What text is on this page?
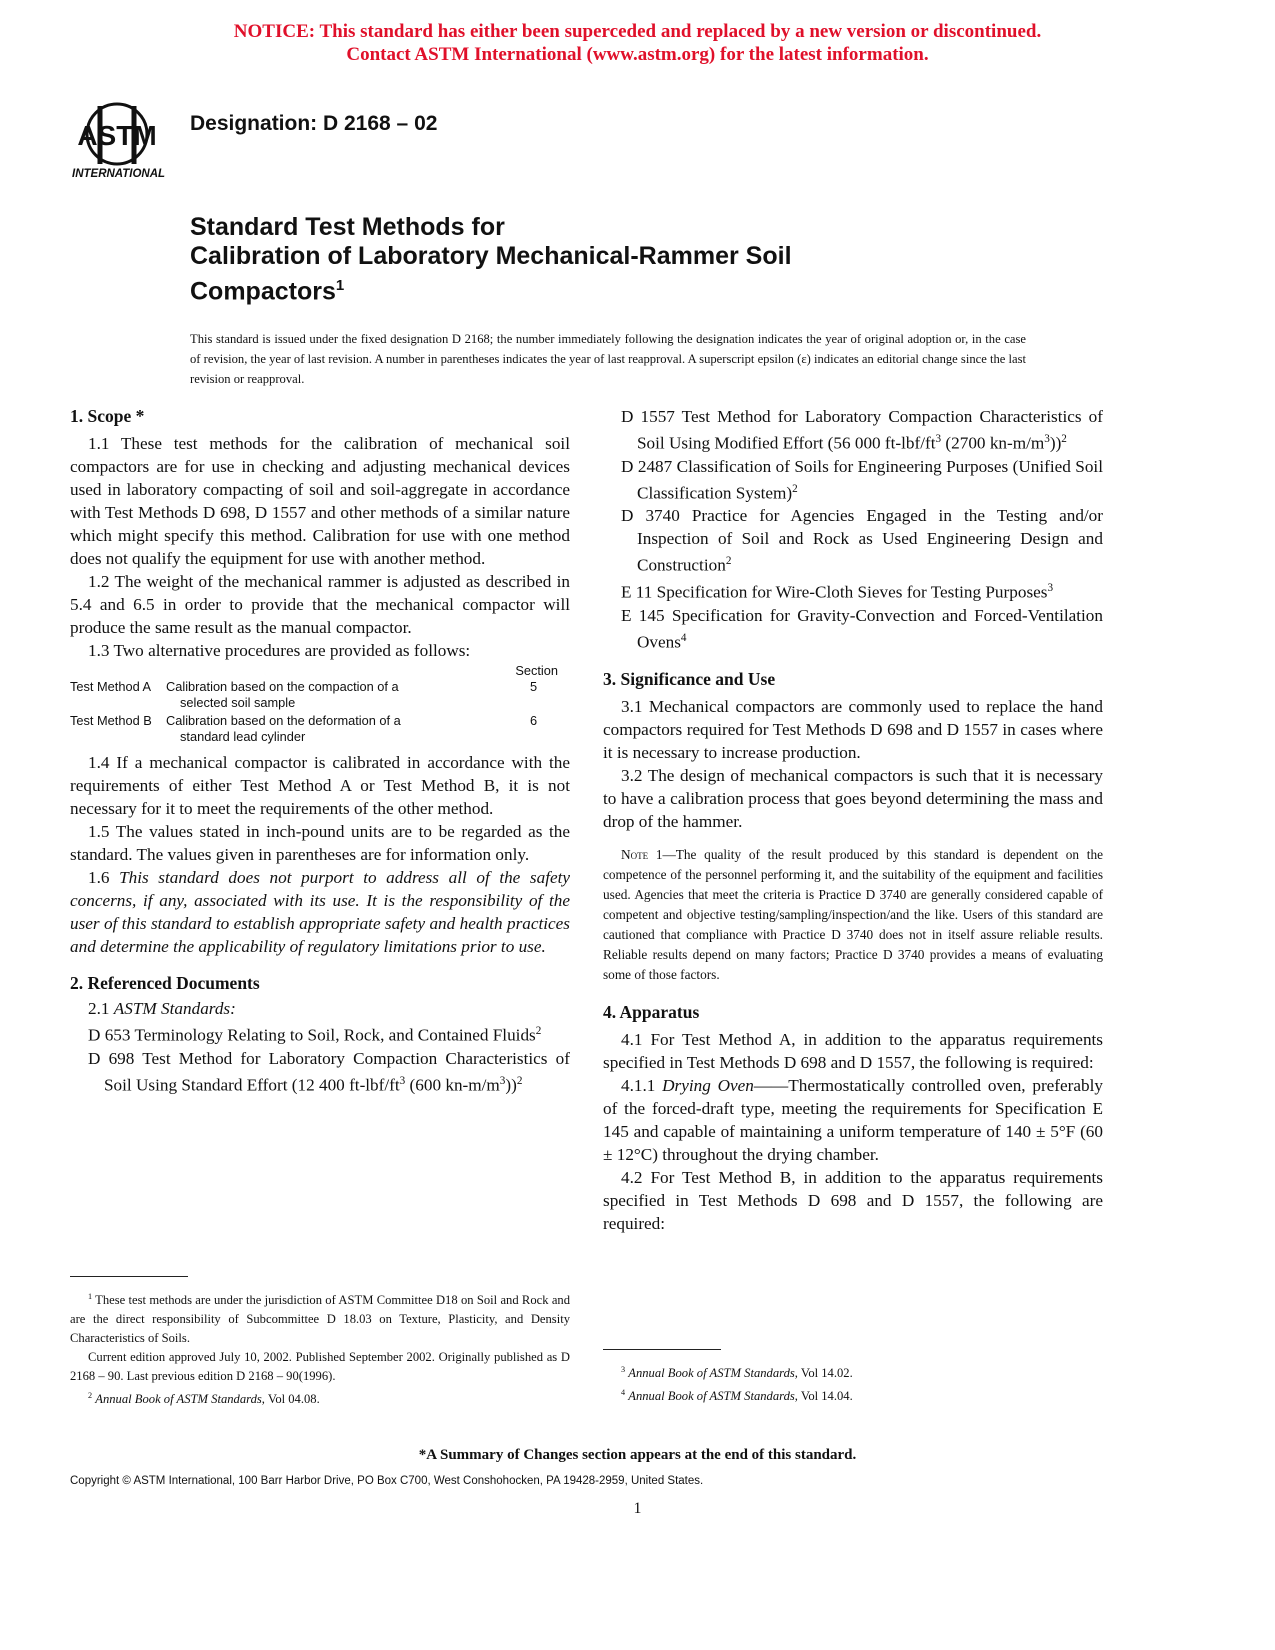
NOTICE: This standard has either been superceded and replaced by a new version or discontinued.
Contact ASTM International (www.astm.org) for the latest information.
ASTM
INTERNATIONAL
Designation: D 2168 – 02
Standard Test Methods for
Calibration of Laboratory Mechanical-Rammer Soil
Compactors$^1$
This standard is issued under the fixed designation D 2168; the number immediately following the designation indicates the year of original adoption or, in the case of revision, the year of last revision. A number in parentheses indicates the year of last reapproval. A superscript epsilon (ε) indicates an editorial change since the last revision or reapproval.
1. Scope *

1.1 These test methods for the calibration of mechanical soil compactors are for use in checking and adjusting mechanical devices used in laboratory compacting of soil and soil-aggregate in accordance with Test Methods D 698, D 1557 and other methods of a similar nature which might specify this method. Calibration for use with one method does not qualify the equipment for use with another method.

1.2 The weight of the mechanical rammer is adjusted as described in 5.4 and 6.5 in order to provide that the mechanical compactor will produce the same result as the manual compactor.

1.3 Two alternative procedures are provided as follows:

Section
Test Method A Calibration based on the compaction of a
selected soil sample
5
Test Method B Calibration based on the deformation of a
standard lead cylinder
6

1.4 If a mechanical compactor is calibrated in accordance with the requirements of either Test Method A or Test Method B, it is not necessary for it to meet the requirements of the other method.

1.5 The values stated in inch-pound units are to be regarded as the standard. The values given in parentheses are for information only.

1.6 This standard does not purport to address all of the safety concerns, if any, associated with its use. It is the responsibility of the user of this standard to establish appropriate safety and health practices and determine the applicability of regulatory limitations prior to use.

2. Referenced Documents

2.1 ASTM Standards:

D 653 Terminology Relating to Soil, Rock, and Contained Fluids$^2$

D 698 Test Method for Laboratory Compaction Characteristics of Soil Using Standard Effort (12 400 $ft-lbf/ft^3$ (600 $kn-m/m^3))^2$

$^1$ These test methods are under the jurisdiction of ASTM Committee D18 on Soil and Rock and are the direct responsibility of Subcommittee D 18.03 on Texture, Plasticity, and Density Characteristics of Soils.

Current edition approved July 10, 2002. Published September 2002. Originally published as D 2168 – 90. Last previous edition D 2168 – 90(1996).

$^2$ Annual Book of ASTM Standards, Vol 04.08.

D 1557 Test Method for Laboratory Compaction Characteristics of Soil Using Modified Effort (56 000 $ft-lbf/ft^3$ (2700 $kn-m/m^3))^2$

D 2487 Classification of Soils for Engineering Purposes (Unified Soil Classification System)$^2$

D 3740 Practice for Agencies Engaged in the Testing and/or Inspection of Soil and Rock as Used Engineering Design and Construction$^2$

E 11 Specification for Wire-Cloth Sieves for Testing Purposes$^3$

E 145 Specification for Gravity-Convection and Forced-Ventilation Ovens$^4$

3. Significance and Use

3.1 Mechanical compactors are commonly used to replace the hand compactors required for Test Methods D 698 and D 1557 in cases where it is necessary to increase production.

3.2 The design of mechanical compactors is such that it is necessary to have a calibration process that goes beyond determining the mass and drop of the hammer.

Note 1—The quality of the result produced by this standard is dependent on the competence of the personnel performing it, and the suitability of the equipment and facilities used. Agencies that meet the criteria is Practice D 3740 are generally considered capable of competent and objective testing/sampling/inspection/and the like. Users of this standard are cautioned that compliance with Practice D 3740 does not in itself assure reliable results. Reliable results depend on many factors; Practice D 3740 provides a means of evaluating some of those factors.

4. Apparatus

4.1 For Test Method A, in addition to the apparatus requirements specified in Test Methods D 698 and D 1557, the following is required:

4.1.1 Drying Oven——Thermostatically controlled oven, preferably of the forced-draft type, meeting the requirements for Specification E 145 and capable of maintaining a uniform temperature of 140 ± 5°F (60 ± 12°C) throughout the drying chamber.

4.2 For Test Method B, in addition to the apparatus requirements specified in Test Methods D 698 and D 1557, the following are required:

$^3$ Annual Book of ASTM Standards, Vol 14.02.

$^4$ Annual Book of ASTM Standards, Vol 14.04.

*A Summary of Changes section appears at the end of this standard.
Copyright © ASTM International, 100 Barr Harbor Drive, PO Box C700, West Conshohocken, PA 19428-2959, United States.
1
